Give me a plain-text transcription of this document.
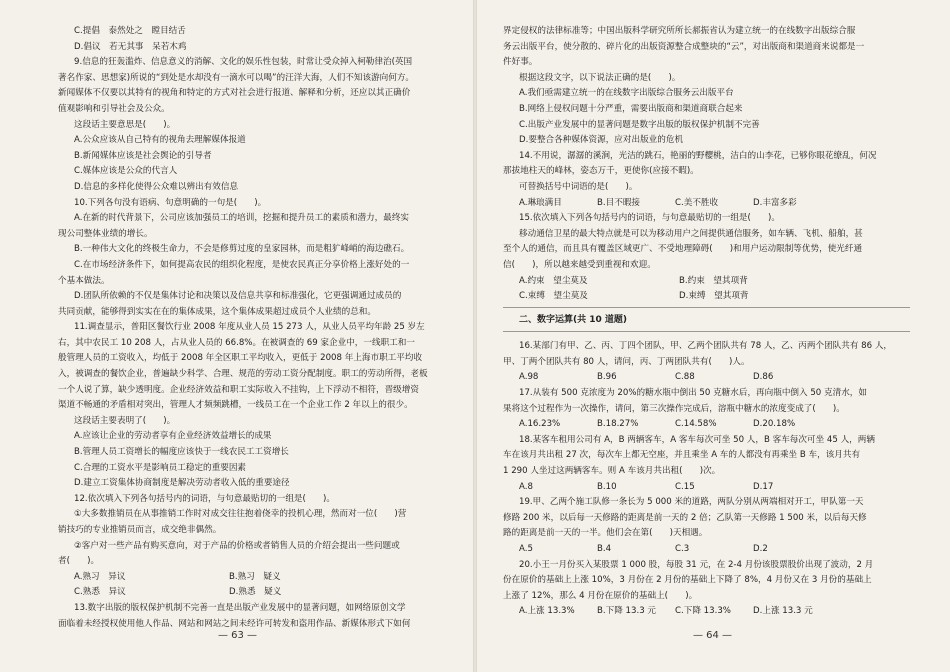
C.提倡　泰然处之　瞠目结舌
D.倡议　若无其事　呆若木鸡
9.信息的狂轰滥炸、信息意义的消解、文化的娱乐性包装，时常让受众掉入柯勒律治(英国
著名作家、思想家)所说的“到处是水却没有一滴水可以喝”的汪洋大海，人们不知该游向何方。
新闻媒体不仅要以其特有的视角和特定的方式对社会进行报道、解释和分析，还应以其正确价
值观影响和引导社会及公众。
这段话主要意思是(　　)。
A.公众应该从自己特有的视角去理解媒体报道
B.新闻媒体应该是社会舆论的引导者
C.媒体应该是公众的代言人
D.信息的多样化使得公众难以辨出有效信息
10.下列各句没有语病、句意明确的一句是(　　)。
A.在新的时代背景下，公司应该加强员工的培训，挖掘和提升员工的素质和潜力，最终实
现公司整体业绩的增长。
B.一种伟大文化的终极生命力，不会是修剪过度的皇家园林，而是粗犷峰峭的海边礁石。
C.在市场经济条件下，如何提高农民的组织化程度，是使农民真正分享价格上涨好处的一
个基本做法。
D.团队所依赖的不仅是集体讨论和决策以及信息共享和标准强化，它更强调通过成员的
共同贡献，能够得到实实在在的集体成果，这个集体成果超过成员个人业绩的总和。
11.调查显示，普阳区餐饮行业 2008 年度从业人员 15 273 人，从业人员平均年龄 25 岁左
右，其中农民工 10 208 人，占从业人员的 66.8%。在被调查的 69 家企业中，一线职工和一
般管理人员的工资收入，均低于 2008 年全区职工平均收入，更低于 2008 年上海市职工平均收
入，被调查的餐饮企业，普遍缺少科学、合理、规范的劳动工资分配制度。职工的劳动所得，老板
一个人说了算，缺少透明度。企业经济效益和职工实际收入不挂钩，上下浮动不相符，晋级增资
渠道不畅通的矛盾相对突出，管理人才频频跳槽，一线员工在一个企业工作 2 年以上的很少。
这段话主要表明了(　　)。
A.应该让企业的劳动者享有企业经济效益增长的成果
B.管理人员工资增长的幅度应该快于一线农民工工资增长
C.合理的工资水平是影响员工稳定的重要因素
D.建立工资集体协商制度是解决劳动者收入低的重要途径
12.依次填入下列各句括号内的词语，与句意最贴切的一组是(　　)。
①大多数推销员在从事推销工作时对成交往往抱着侥幸的投机心理，然而对一位(　　)营
销技巧的专业推销员而言，成交绝非偶然。
②客户对一些产品有购买意向，对于产品的价格或者销售人员的介绍会提出一些问题或
者(　　)。
A.熟习　异议	B.熟习　疑义
C.熟悉　异议	D.熟悉　疑义
13.数字出版的版权保护机制不完善一直是出版产业发展中的显著问题，如网络原创文学
面临着未经授权使用他人作品、网站和网站之间未经许可转发和盗用作品、新媒体形式下如何
— 63 —
界定侵权的法律标准等；中国出版科学研究所所长郝振省认为建立统一的在线数字出版综合服
务云出版平台，使分散的、碎片化的出版资源整合成整块的“云”，对出版商和渠道商来说都是一
件好事。
根据这段文字，以下说法正确的是(　　)。
A.我们亟需建立统一的在线数字出版综合服务云出版平台
B.网络上侵权问题十分严重，需要出版商和渠道商联合起来
C.出版产业发展中的显著问题是数字出版的版权保护机制不完善
D.要整合各种媒体资源，应对出版业的危机
14.不用说，潺潺的溪涧，光洁的跳石，艳丽的野樱桃，洁白的山李花，已够你眼花缭乱，何况
那拔地柱天的峰林，姿态万千，更使你(应接不暇)。
可替换括号中词语的是(　　)。
A.琳琅满目	B.目不暇接	C.美不胜收	D.丰富多彩
15.依次填入下列各句括号内的词语，与句意最贴切的一组是(　　)。
移动通信卫星的最大特点就是可以为移动用户之间提供通信服务，如车辆、飞机、船舶，甚
至个人的通信，而且具有覆盖区域更广、不受地理障碍(　　)和用户运动限制等优势，使光纤通
信(　　)，所以越来越受到重视和欢迎。
A.约束　望尘莫及	B.约束　望其项背
C.束缚　望尘莫及	D.束缚　望其项背
二、数字运算(共 10 道题)
16.某部门有甲、乙、丙、丁四个团队，甲、乙两个团队共有 78 人，乙、丙两个团队共有 86 人，
甲、丁两个团队共有 80 人，请问，丙、丁两团队共有(　　)人。
A.98	B.96	C.88	D.86
17.从装有 500 克浓度为 20%的糖水瓶中倒出 50 克糖水后，再向瓶中倒入 50 克清水，如
果将这个过程作为一次操作，请问，第三次操作完成后，溶瓶中糖水的浓度变成了(　　)。
A.16.23%	B.18.27%	C.14.58%	D.20.18%
18.某客车租用公司有 A，B 两辆客车，A 客车每次可坐 50 人，B 客车每次可坐 45 人，两辆
车在该月共出租 27 次，每次车上都无空座，并且乘坐 A 车的人都没有再乘坐 B 车，该月共有
1 290 人坐过这两辆客车。则 A 车该月共出租(　　)次。
A.8	B.10	C.15	D.17
19.甲、乙两个施工队修一条长为 5 000 米的道路，两队分别从两端相对开工，甲队第一天
修路 200 米，以后每一天修路的距离是前一天的 2 倍；乙队第一天修路 1 500 米，以后每天修
路的距离是前一天的一半。他们会在第(　　)天相遇。
A.5	B.4	C.3	D.2
20.小王一月份买入某股票 1 000 股，每股 31 元，在 2-4 月份该股票股价出现了波动，2 月
份在原价的基础上上涨 10%，3 月份在 2 月份的基础上下降了 8%，4 月份又在 3 月份的基础上
上涨了 12%，那么 4 月份在原价的基础上(　　)。
A.上涨 13.3%	B.下降 13.3 元	C.下降 13.3%	D.上涨 13.3 元
— 64 —
